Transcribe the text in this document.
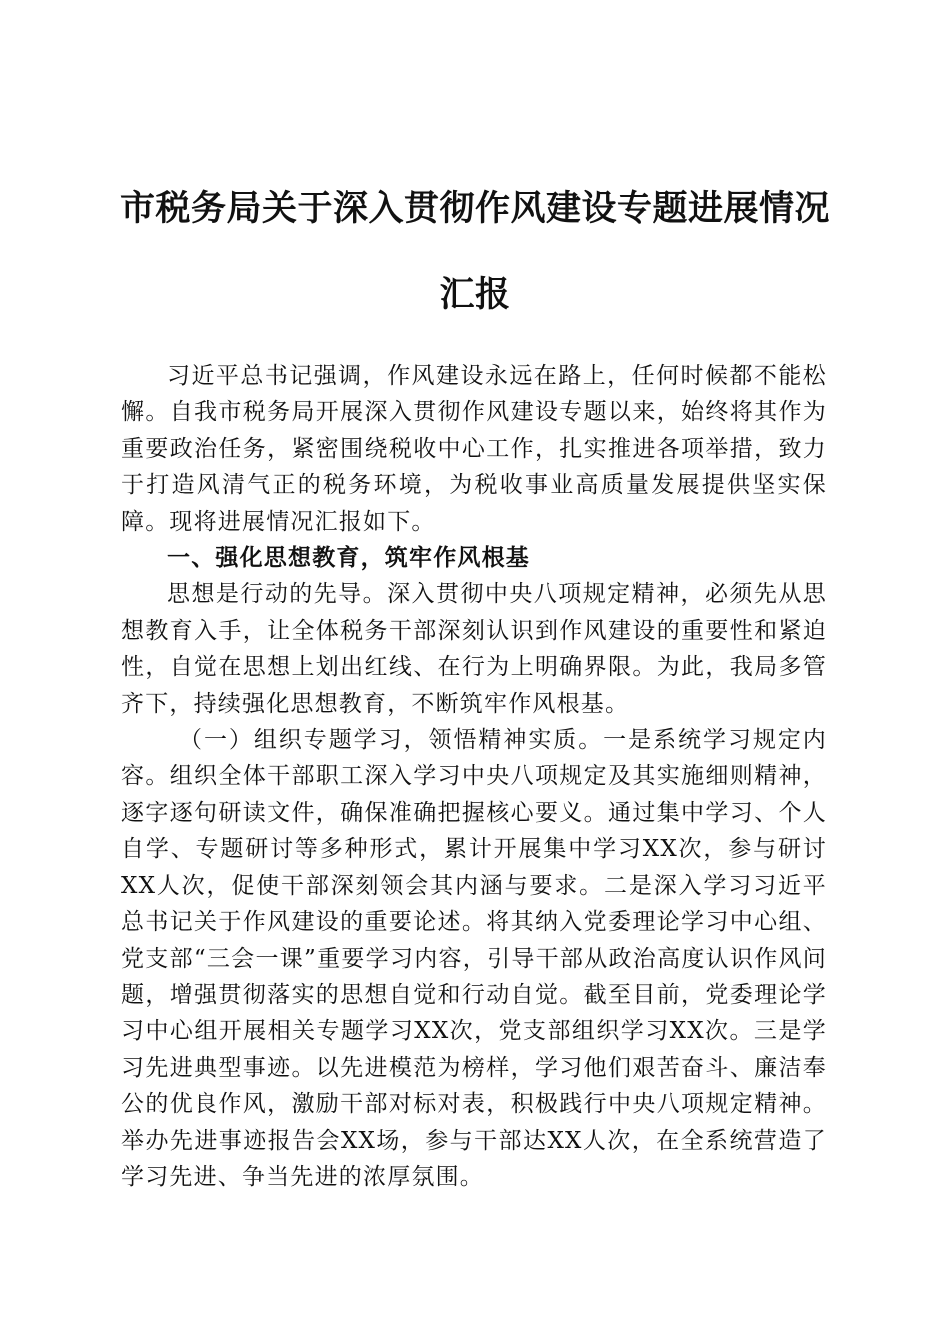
市税务局关于深入贯彻作风建设专题进展情况
汇报

习近平总书记强调，作风建设永远在路上，任何时候都不能松懈。自我市税务局开展深入贯彻作风建设专题以来，始终将其作为重要政治任务，紧密围绕税收中心工作，扎实推进各项举措，致力于打造风清气正的税务环境，为税收事业高质量发展提供坚实保障。现将进展情况汇报如下。

一、强化思想教育，筑牢作风根基

思想是行动的先导。深入贯彻中央八项规定精神，必须先从思想教育入手，让全体税务干部深刻认识到作风建设的重要性和紧迫性，自觉在思想上划出红线、在行为上明确界限。为此，我局多管齐下，持续强化思想教育，不断筑牢作风根基。

（一）组织专题学习，领悟精神实质。一是系统学习规定内容。组织全体干部职工深入学习中央八项规定及其实施细则精神，逐字逐句研读文件，确保准确把握核心要义。通过集中学习、个人自学、专题研讨等多种形式，累计开展集中学习XX次，参与研讨XX人次，促使干部深刻领会其内涵与要求。二是深入学习习近平总书记关于作风建设的重要论述。将其纳入党委理论学习中心组、党支部“三会一课”重要学习内容，引导干部从政治高度认识作风问题，增强贯彻落实的思想自觉和行动自觉。截至目前，党委理论学习中心组开展相关专题学习XX次，党支部组织学习XX次。三是学习先进典型事迹。以先进模范为榜样，学习他们艰苦奋斗、廉洁奉公的优良作风，激励干部对标对表，积极践行中央八项规定精神。举办先进事迹报告会XX场，参与干部达XX人次，在全系统营造了学习先进、争当先进的浓厚氛围。
